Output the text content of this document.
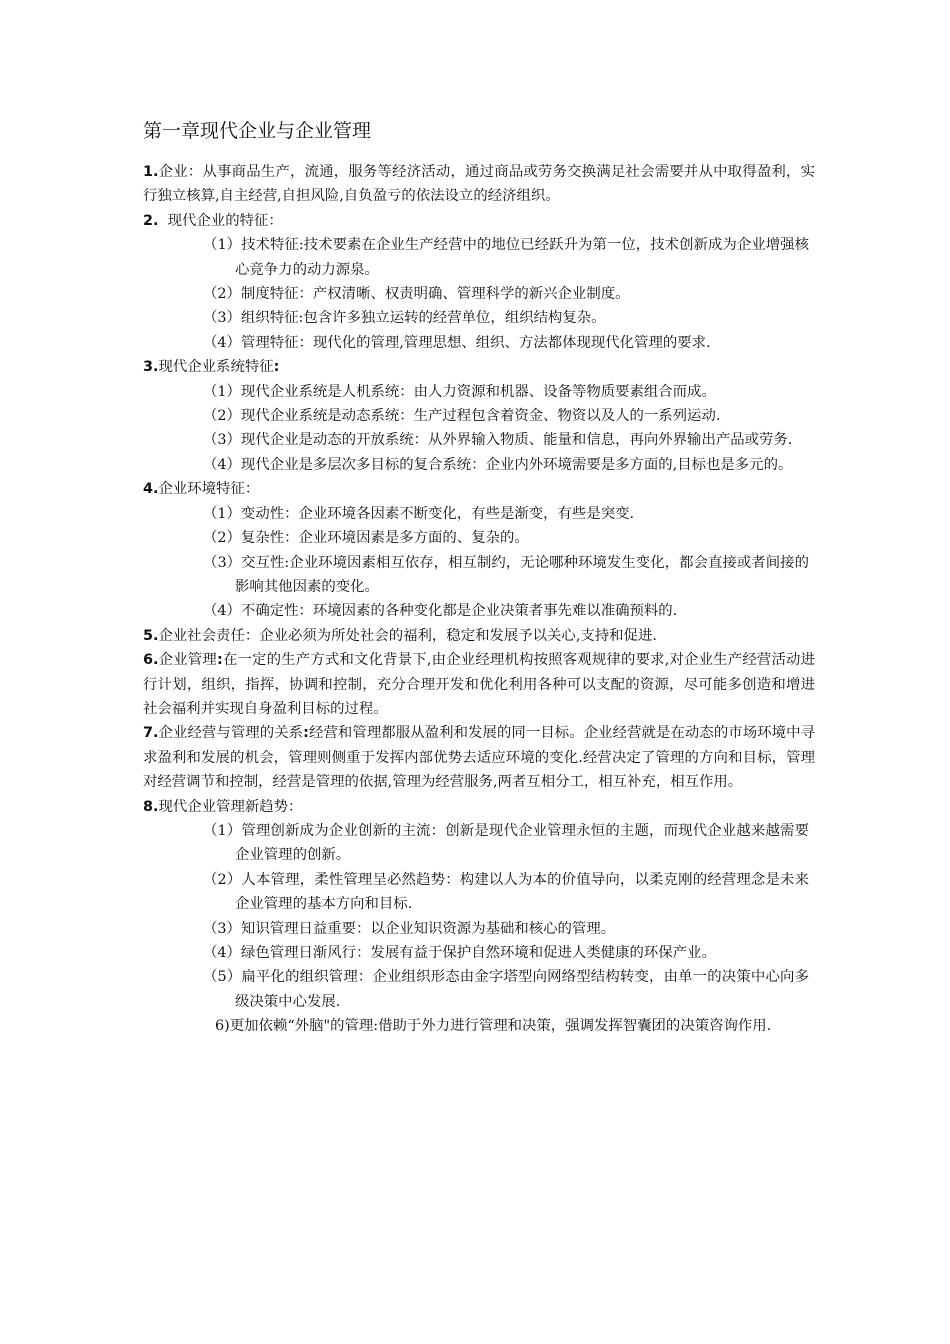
第一章现代企业与企业管理

1.企业：从事商品生产，流通，服务等经济活动，通过商品或劳务交换满足社会需要并从中取得盈利，实行独立核算,自主经营,自担风险,自负盈亏的依法设立的经济组织。

2.  现代企业的特征：

（1）技术特征:技术要素在企业生产经营中的地位已经跃升为第一位，技术创新成为企业增强核心竞争力的动力源泉。

（2）制度特征：产权清晰、权责明确、管理科学的新兴企业制度。

（3）组织特征:包含许多独立运转的经营单位，组织结构复杂。

（4）管理特征：现代化的管理,管理思想、组织、方法都体现现代化管理的要求.

3.现代企业系统特征:

（1）现代企业系统是人机系统：由人力资源和机器、设备等物质要素组合而成。

（2）现代企业系统是动态系统：生产过程包含着资金、物资以及人的一系列运动.

（3）现代企业是动态的开放系统：从外界输入物质、能量和信息，再向外界输出产品或劳务.

（4）现代企业是多层次多目标的复合系统：企业内外环境需要是多方面的,目标也是多元的。

4.企业环境特征：

（1）变动性：企业环境各因素不断变化，有些是渐变，有些是突变.

（2）复杂性：企业环境因素是多方面的、复杂的。

（3）交互性:企业环境因素相互依存，相互制约，无论哪种环境发生变化，都会直接或者间接的影响其他因素的变化。

（4）不确定性：环境因素的各种变化都是企业决策者事先难以准确预料的.

5.企业社会责任：企业必须为所处社会的福利，稳定和发展予以关心,支持和促进.

6.企业管理:在一定的生产方式和文化背景下,由企业经理机构按照客观规律的要求,对企业生产经营活动进行计划，组织，指挥，协调和控制，充分合理开发和优化利用各种可以支配的资源，尽可能多创造和增进社会福利并实现自身盈利目标的过程。

7.企业经营与管理的关系:经营和管理都服从盈利和发展的同一目标。企业经营就是在动态的市场环境中寻求盈利和发展的机会，管理则侧重于发挥内部优势去适应环境的变化.经营决定了管理的方向和目标，管理对经营调节和控制，经营是管理的依据,管理为经营服务,两者互相分工，相互补充，相互作用。

8.现代企业管理新趋势：

（1）管理创新成为企业创新的主流：创新是现代企业管理永恒的主题，而现代企业越来越需要企业管理的创新。

（2）人本管理，柔性管理呈必然趋势：构建以人为本的价值导向，以柔克刚的经营理念是未来企业管理的基本方向和目标.

（3）知识管理日益重要：以企业知识资源为基础和核心的管理。

（4）绿色管理日渐风行：发展有益于保护自然环境和促进人类健康的环保产业。

（5）扁平化的组织管理：企业组织形态由金字塔型向网络型结构转变，由单一的决策中心向多级决策中心发展.

6)更加依赖“外脑"的管理:借助于外力进行管理和决策，强调发挥智囊团的决策咨询作用.
